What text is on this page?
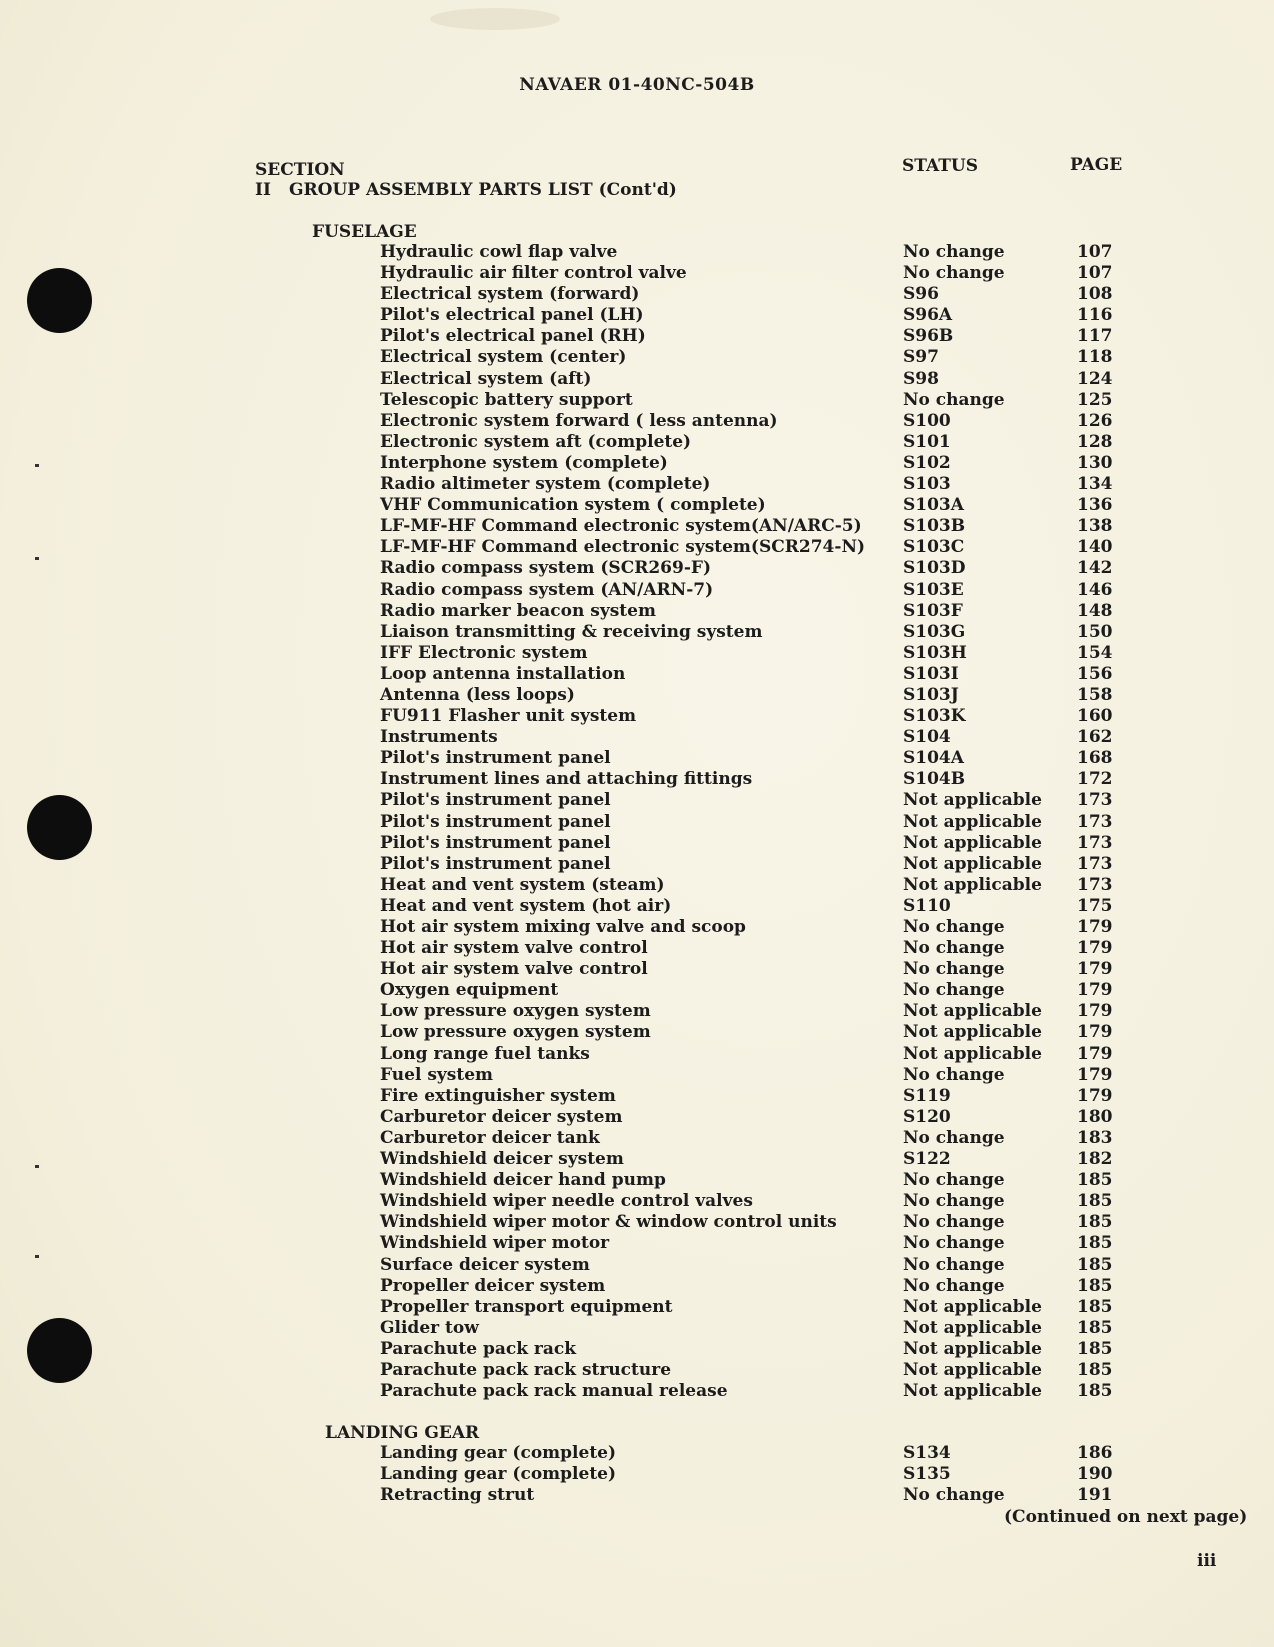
NAVAER 01-40NC-504B
SECTION	STATUS	PAGE
II GROUP ASSEMBLY PARTS LIST (Cont'd)
FUSELAGE
Hydraulic cowl flap valve	No change	107
Hydraulic air filter control valve	No change	107
Electrical system (forward)	S96	108
Pilot's electrical panel (LH)	S96A	116
Pilot's electrical panel (RH)	S96B	117
Electrical system (center)	S97	118
Electrical system (aft)	S98	124
Telescopic battery support	No change	125
Electronic system forward ( less antenna)	S100	126
Electronic system aft (complete)	S101	128
Interphone system (complete)	S102	130
Radio altimeter system (complete)	S103	134
VHF Communication system ( complete)	S103A	136
LF-MF-HF Command electronic system(AN/ARC-5) S103B	138
LF-MF-HF Command electronic system(SCR274-N) S103C	140
Radio compass system (SCR269-F)	S103D	142
Radio compass system (AN/ARN-7)	S103E	146
Radio marker beacon system	S103F	148
Liaison transmitting & receiving system	S103G	150
IFF Electronic system	S103H	154
Loop antenna installation	S103I	156
Antenna (less loops)	S103J	158
FU911 Flasher unit system	S103K	160
Instruments	S104	162
Pilot's instrument panel	S104A	168
Instrument lines and attaching fittings	S104B	172
Pilot's instrument panel	Not applicable 173
Pilot's instrument panel	Not applicable 173
Pilot's instrument panel	Not applicable 173
Pilot's instrument panel	Not applicable 173
Heat and vent system (steam)	Not applicable 173
Heat and vent system (hot air)	S110	175
Hot air system mixing valve and scoop	No change	179
Hot air system valve control	No change	179
Hot air system valve control	No change	179
Oxygen equipment	No change	179
Low pressure oxygen system	Not applicable 179
Low pressure oxygen system	Not applicable 179
Long range fuel tanks	Not applicable 179
Fuel system	No change	179
Fire extinguisher system	S119	179
Carburetor deicer system	S120	180
Carburetor deicer tank	No change	183
Windshield deicer system	S122	182
Windshield deicer hand pump	No change	185
Windshield wiper needle control valves	No change	185
Windshield wiper motor & window control units	No change	185
Windshield wiper motor	No change	185
Surface deicer system	No change	185
Propeller deicer system	No change	185
Propeller transport equipment	Not applicable 185
Glider tow	Not applicable 185
Parachute pack rack	Not applicable 185
Parachute pack rack structure	Not applicable 185
Parachute pack rack manual release	Not applicable 185
LANDING GEAR
Landing gear (complete)	S134	186
Landing gear (complete)	S135	190
Retracting strut	No change	191
(Continued on next page)
iii
